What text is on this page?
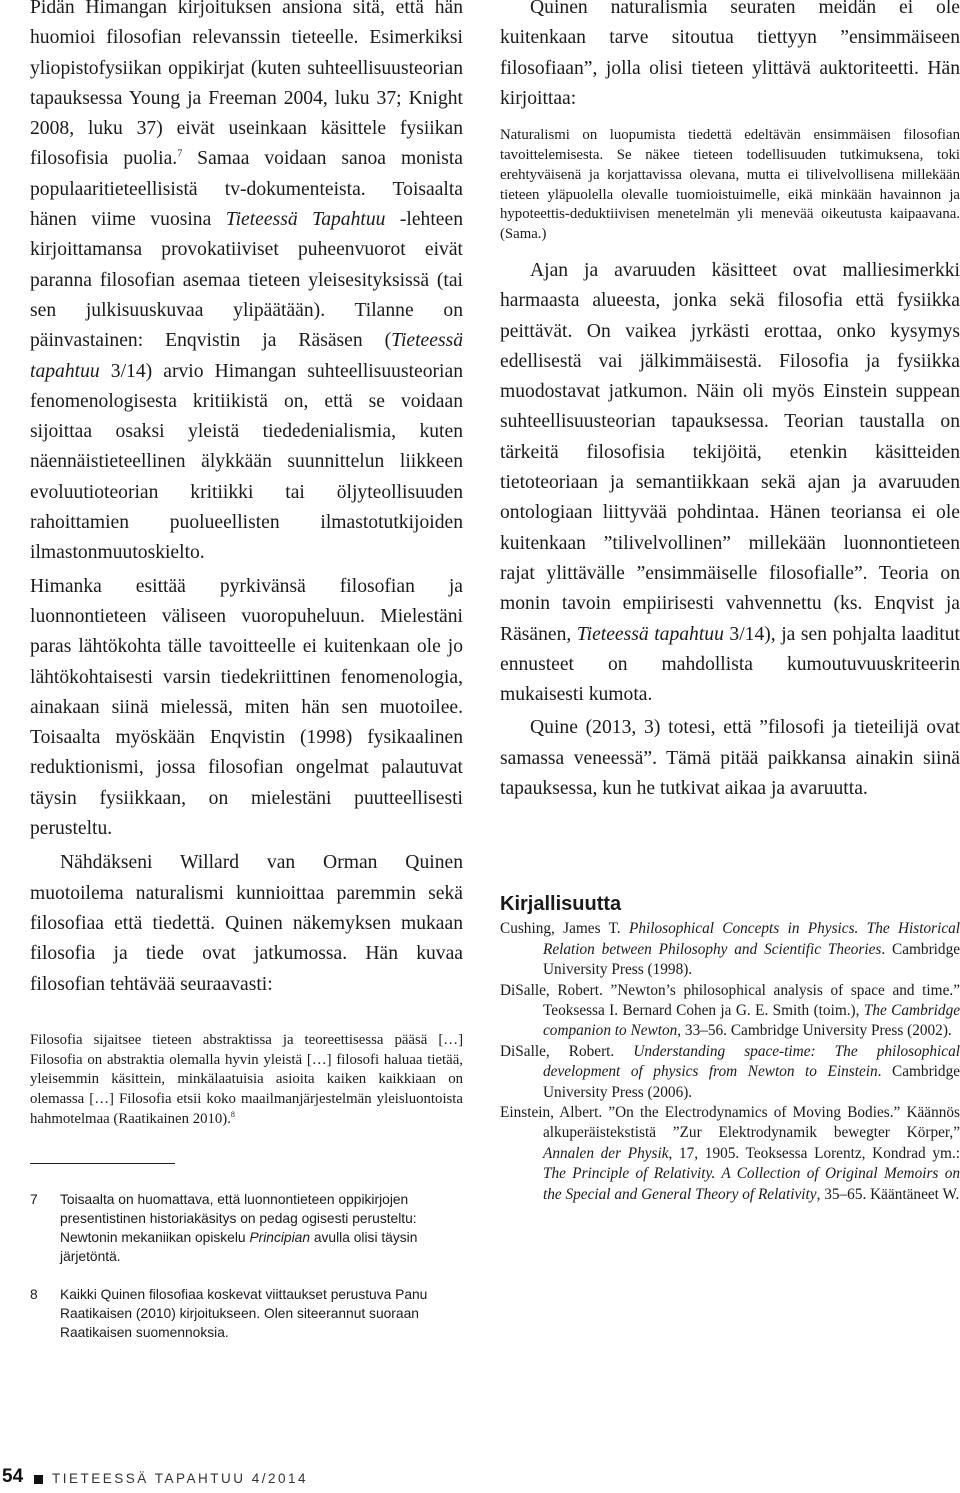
Pidän Himangan kirjoituksen ansiona sitä, että hän huomioi filosofian relevanssin tieteelle. Esimerkiksi yliopistofysiikan oppikirjat (kuten suhteellisuusteorian tapauksessa Young ja Freeman 2004, luku 37; Knight 2008, luku 37) eivät useinkaan käsittele fysiikan filosofisia puolia.$^7$ Samaa voidaan sanoa monista populaaritieteellisistä tv-dokumenteista. Toisaalta hänen viime vuosina Tieteessä Tapahtuu -lehteen kirjoittamansa provokatiiviset puheenvuorot eivät paranna filosofian asemaa tieteen yleisesityksissä (tai sen julkisuuskuvaa ylipäätään). Tilanne on päinvastainen: Enqvistin ja Räsäsen (Tieteessä tapahtuu 3/14) arvio Himangan suhteellisuusteorian fenomenologisesta kritiikistä on, että se voidaan sijoittaa osaksi yleistä tiededenialismia, kuten näennäistieteellinen älykkään suunnittelun liikkeen evoluutioteorian kritiikki tai öljyteollisuuden rahoittamien puolueellisten ilmastotutkijoiden ilmastonmuutoskielto.

Himanka esittää pyrkivänsä filosofian ja luonnontieteen väliseen vuoropuheluun. Mielestäni paras lähtökohta tälle tavoitteelle ei kuitenkaan ole jo lähtökohtaisesti varsin tiedekriittinen fenomenologia, ainakaan siinä mielessä, miten hän sen muotoilee. Toisaalta myöskään Enqvistin (1998) fysikaalinen reduktionismi, jossa filosofian ongelmat palautuvat täysin fysiikkaan, on mielestäni puutteellisesti perusteltu.

Nähdäkseni Willard van Orman Quinen muotoilema naturalismi kunnioittaa paremmin sekä filosofiaa että tiedettä. Quinen näkemyksen mukaan filosofia ja tiede ovat jatkumossa. Hän kuvaa filosofian tehtävää seuraavasti:

Filosofia sijaitsee tieteen abstraktissa ja teoreettisessa pääsä […] Filosofia on abstraktia olemalla hyvin yleistä […] filosofi haluaa tietää, yleisemmin käsittein, minkälaatuisia asioita kaiken kaikkiaan on olemassa […] Filosofia etsii koko maailmanjärjestelmän yleisluontoista hahmotelmaa (Raatikainen 2010).$^8$

7	Toisaalta on huomattava, että luonnontieteen oppikirjojen presentistinen historiakäsitys on pedag ogisesti perusteltu: Newtonin mekaniikan opiskelu Principian avulla olisi täysin järjetöntä.
8	Kaikki Quinen filosofiaa koskevat viittaukset perustuva Panu Raatikaisen (2010) kirjoitukseen. Olen siteerannut suoraan Raatikaisen suomennoksia.

Quinen naturalismia seuraten meidän ei ole kuitenkaan tarve sitoutua tiettyyn ”ensimmäiseen filosofiaan”, jolla olisi tieteen ylittävä auktoriteetti. Hän kirjoittaa:

Naturalismi on luopumista tiedettä edeltävän ensimmäisen filosofian tavoittelemisesta. Se näkee tieteen todellisuuden tutkimuksena, toki erehtyväisenä ja korjattavissa olevana, mutta ei tilivelvollisena millekään tieteen yläpuolella olevalle tuomioistuimelle, eikä minkään havainnon ja hypoteettis-deduktiivisen menetelmän yli menevää oikeutusta kaipaavana. (Sama.)

Ajan ja avaruuden käsitteet ovat malliesimerkki harmaasta alueesta, jonka sekä filosofia että fysiikka peittävät. On vaikea jyrkästi erottaa, onko kysymys edellisestä vai jälkimmäisestä. Filosofia ja fysiikka muodostavat jatkumon. Näin oli myös Einstein suppean suhteellisuusteorian tapauksessa. Teorian taustalla on tärkeitä filosofisia tekijöitä, etenkin käsitteiden tietoteoriaan ja semantiikkaan sekä ajan ja avaruuden ontologiaan liittyvää pohdintaa. Hänen teoriansa ei ole kuitenkaan ”tilivelvollinen” millekään luonnontieteen rajat ylittävälle ”ensimmäiselle filosofialle”. Teoria on monin tavoin empiirisesti vahvennettu (ks. Enqvist ja Räsänen, Tieteessä tapahtuu 3/14), ja sen pohjalta laaditut ennusteet on mahdollista kumoutuvuuskriteerin mukaisesti kumota.

Quine (2013, 3) totesi, että ”filosofi ja tieteilijä ovat samassa veneessä”. Tämä pitää paikkansa ainakin siinä tapauksessa, kun he tutkivat aikaa ja avaruutta.

Kirjallisuutta

Cushing, James T. Philosophical Concepts in Physics. The Historical Relation between Philosophy and Scientific Theories. Cambridge University Press (1998).

DiSalle, Robert. ”Newton’s philosophical analysis of space and time.” Teoksessa I. Bernard Cohen ja G. E. Smith (toim.), The Cambridge companion to Newton, 33–56. Cambridge University Press (2002).

DiSalle, Robert. Understanding space-time: The philosophical development of physics from Newton to Einstein. Cambridge University Press (2006).

Einstein, Albert. ”On the Electrodynamics of Moving Bodies.” Käännös alkuperäistekstistä ”Zur Elektrodynamik bewegter Körper,” Annalen der Physik, 17, 1905. Teoksessa Lorentz, Kondrad ym.: The Principle of Relativity. A Collection of Original Memoirs on the Special and General Theory of Relativity, 35–65. Kääntäneet W.

54 TIETEESSÄ TAPAHTUU 4/2014
